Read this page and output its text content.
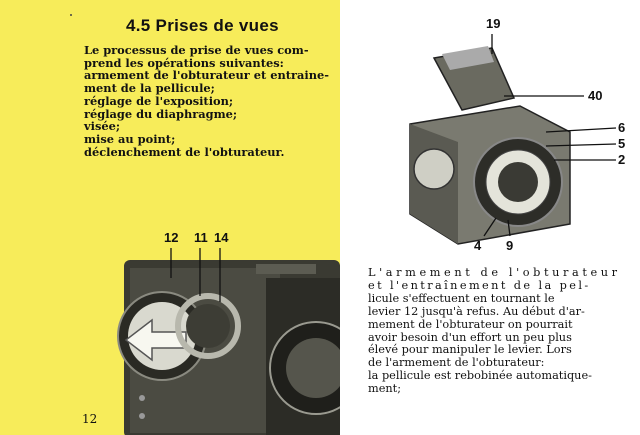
4.5 Prises de vues
Le processus de prise de vues com-
prend les opérations suivantes:
armement de l'obturateur et entraine-
ment de la pellicule;
réglage de l'exposition;
réglage du diaphragme;
visée;
mise au point;
déclenchement de l'obturateur.
12 11 14
12
19
40
6
5
2
4 9
L'armement de l'obturateur
et l'entraînement de la pel-
licule s'effectuent en tournant le
levier 12 jusqu'à refus. Au début d'ar-
mement de l'obturateur on pourrait
avoir besoin d'un effort un peu plus
élevé pour manipuler le levier. Lors
de l'armement de l'obturateur:
la pellicule est rebobinée automatique-
ment;
